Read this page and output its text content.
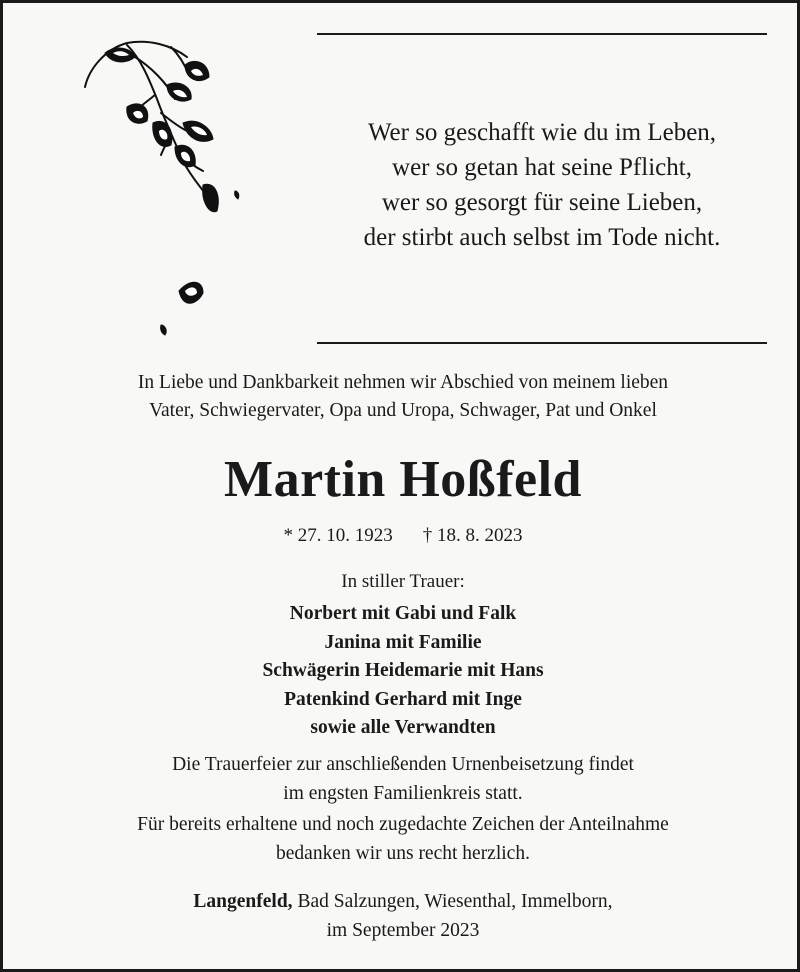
Wer so geschafft wie du im Leben,
wer so getan hat seine Pflicht,
wer so gesorgt für seine Lieben,
der stirbt auch selbst im Tode nicht.
In Liebe und Dankbarkeit nehmen wir Abschied von meinem lieben
Vater, Schwiegervater, Opa und Uropa, Schwager, Pat und Onkel
Martin Hoßfeld
* 27. 10. 1923 † 18. 8. 2023
In stiller Trauer:
Norbert mit Gabi und Falk
Janina mit Familie
Schwägerin Heidemarie mit Hans
Patenkind Gerhard mit Inge
sowie alle Verwandten
Die Trauerfeier zur anschließenden Urnenbeisetzung findet
im engsten Familienkreis statt.
Für bereits erhaltene und noch zugedachte Zeichen der Anteilnahme
bedanken wir uns recht herzlich.
Langenfeld, Bad Salzungen, Wiesenthal, Immelborn,
im September 2023
